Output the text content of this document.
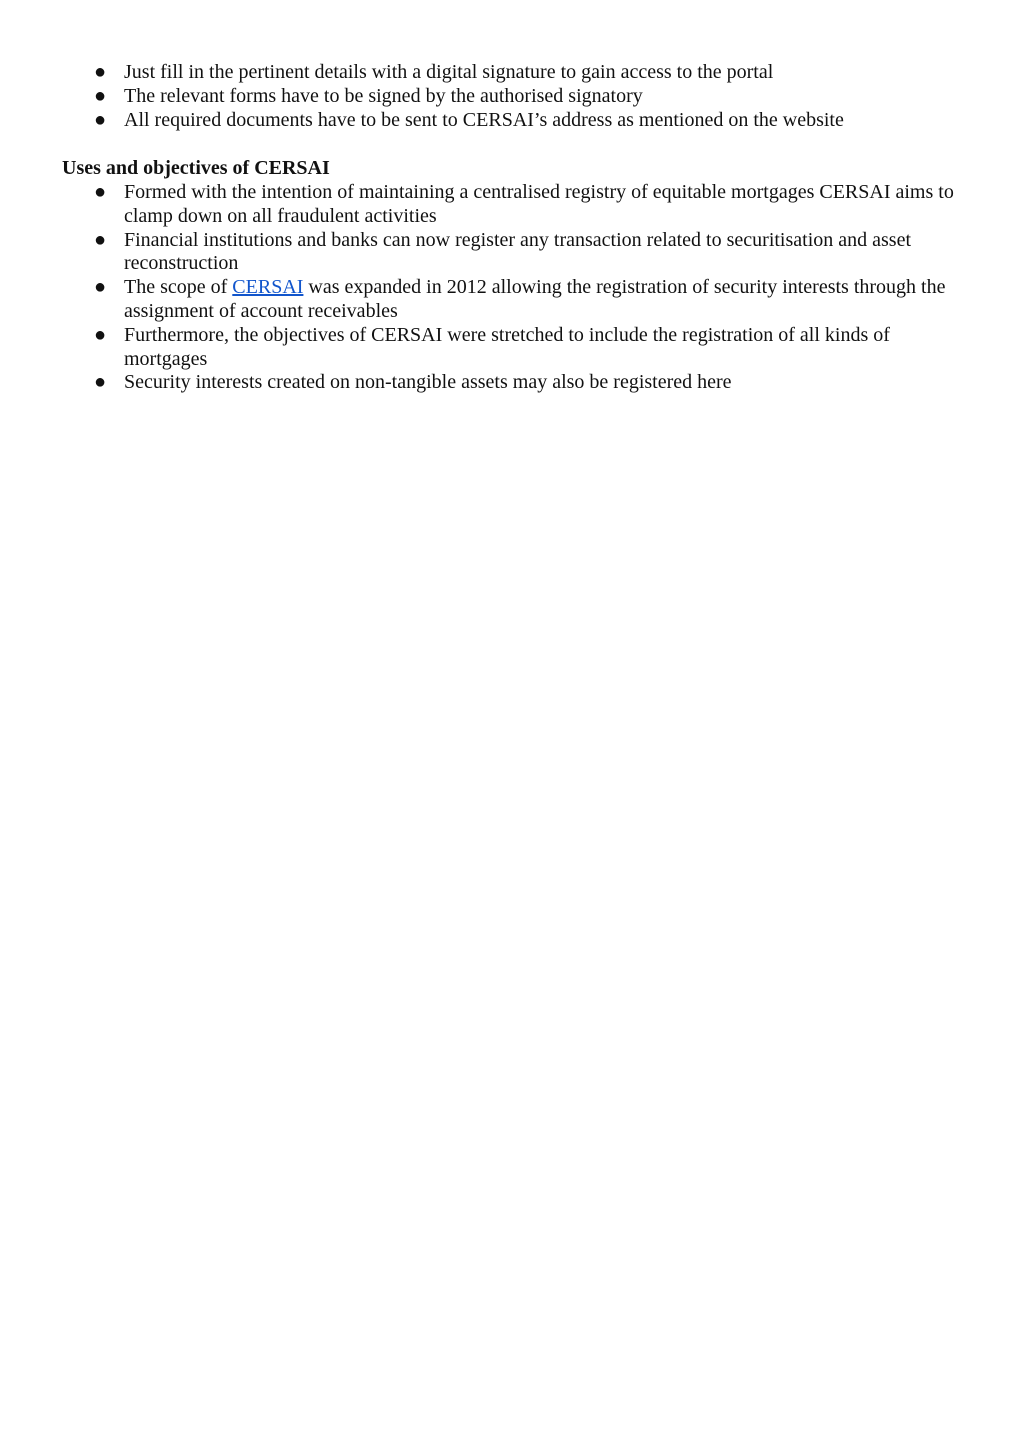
● Just fill in the pertinent details with a digital signature to gain access to the portal
● The relevant forms have to be signed by the authorised signatory
● All required documents have to be sent to CERSAI’s address as mentioned on the website
Uses and objectives of CERSAI
● Formed with the intention of maintaining a centralised registry of equitable mortgages CERSAI aims to clamp down on all fraudulent activities
● Financial institutions and banks can now register any transaction related to securitisation and asset reconstruction
● The scope of CERSAI was expanded in 2012 allowing the registration of security interests through the assignment of account receivables
● Furthermore, the objectives of CERSAI were stretched to include the registration of all kinds of mortgages
● Security interests created on non-tangible assets may also be registered here
